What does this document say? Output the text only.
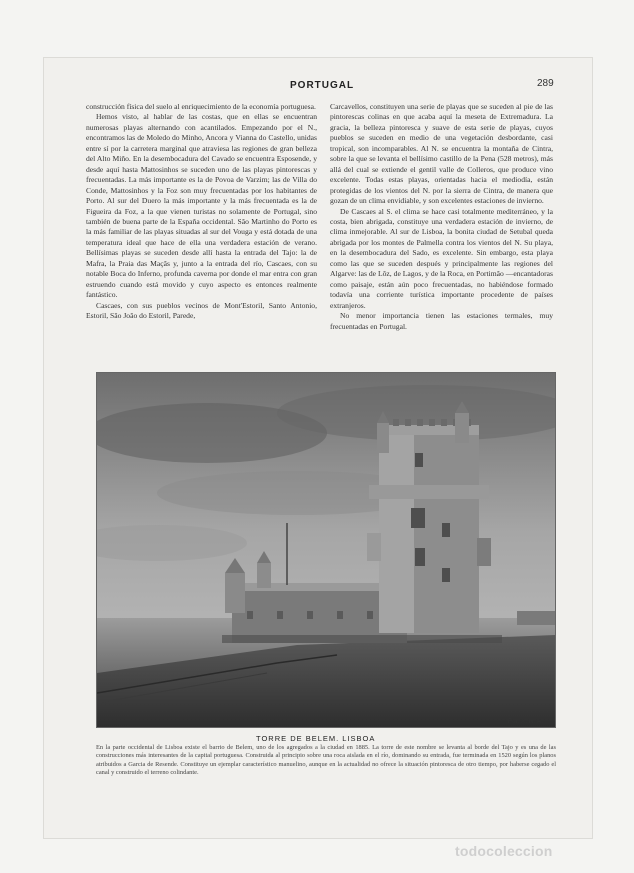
PORTUGAL	289

construcción física del suelo al enriquecimiento de la economía portuguesa.

Hemos visto, al hablar de las costas, que en ellas se encuentran numerosas playas alternando con acantilados. Empezando por el N., encontramos las de Moledo do Minho, Ancora y Vianna do Castello, unidas entre sí por la carretera marginal que atraviesa las regiones de gran belleza del Alto Miño. En la desembocadura del Cavado se encuentra Esposende, y desde aquí hasta Mattosinhos se suceden uno de las playas pintorescas y frecuentadas. La más importante es la de Povoa de Varzim; las de Villa do Conde, Mattosinhos y la Foz son muy frecuentadas por los habitantes de Porto. Al sur del Duero la más importante y la más frecuentada es la de Figueira da Foz, a la que vienen turistas no solamente de Portugal, sino también de buena parte de la España occidental. São Martinho do Porto es la más familiar de las playas situadas al sur del Vouga y está dotada de una temperatura ideal que hace de ella una verdadera estación de verano. Bellísimas playas se suceden desde allí hasta la entrada del Tajo: la de Mafra, la Praia das Maçãs y, junto a la entrada del río, Cascaes, con su notable Boca do Inferno, profunda caverna por donde el mar entra con gran estruendo cuando está movido y cuyo aspecto es entonces realmente fantástico.

Cascaes, con sus pueblos vecinos de Mont'Estoril, Santo Antonio, Estoril, São João do Estoril, Parede,

Carcavellos, constituyen una serie de playas que se suceden al pie de las pintorescas colinas en que acaba aquí la meseta de Extremadura. La gracia, la belleza pintoresca y suave de esta serie de playas, cuyos pueblos se suceden en medio de una vegetación desbordante, casi tropical, son incomparables. Al N. se encuentra la montaña de Cintra, sobre la que se levanta el bellísimo castillo de la Pena (528 metros), más allá del cual se extiende el gentil valle de Colleros, que produce vino excelente. Todas estas playas, orientadas hacia el mediodía, están protegidas de los vientos del N. por la sierra de Cintra, de manera que gozan de un clima envidiable, y son excelentes estaciones de invierno.

De Cascaes al S. el clima se hace casi totalmente mediterráneo, y la costa, bien abrigada, constituye una verdadera estación de invierno, de clima inmejorable. Al sur de Lisboa, la bonita ciudad de Setubal queda abrigada por los montes de Palmella contra los vientos del N. Su playa, en la desembocadura del Sado, es excelente. Sin embargo, esta playa como las que se suceden después y principalmente las regiones del Algarve: las de Lôz, de Lagos, y de la Roca, en Portimão —encantadoras como paisaje, están aún poco frecuentadas, no habiéndose formado todavía una corriente turística importante procedente de países extranjeros.

No menor importancia tienen las estaciones termales, muy frecuentadas en Portugal.

Fot. X. N. A.
TORRE DE BELEM. LISBOA
En la parte occidental de Lisboa existe el barrio de Belem, uno de los agregados a la ciudad en 1885. La torre de este nombre se levanta al borde del Tajo y es una de las construcciones más interesantes de la capital portuguesa. Construida al principio sobre una roca aislada en el río, dominando su entrada, fue terminada en 1520 según los planos atribuidos a Garcia de Resende. Constituye un ejemplar característico manuelino, aunque en la actualidad no ofrece la situación pintoresca de otro tiempo, por haberse cegado el canal y construido el terreno colindante.
todocoleccion
